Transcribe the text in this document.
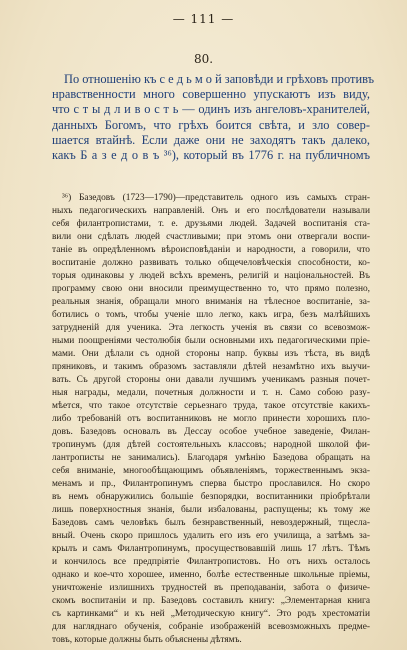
— 111 —
80.
По отношенію къ с е д ь м о й заповѣди и грѣховъ противъ
нравственности много совершенно упускаютъ изъ виду,
что с т ы д л и в о с т ь — одинъ изъ ангеловъ-хранителей,
данныхъ Богомъ, что грѣхъ боится свѣта, и зло совер-
шается втайнѣ. Если даже они не заходятъ такъ далеко,
какъ Б а з е д о в ъ ³⁶), который въ 1776 г. на публичномъ
³⁶) Базедовъ (1723—1790)—представитель одного изъ самыхъ стран-
ныхъ педагогическихъ направленій. Онъ и его послѣдователи называли
себя филантропистами, т. е. друзьями людей. Задачей воспитанія ста-
вили они сдѣлать людей счастливыми; при этомъ они отвергали воспи-
таніе въ опредѣленномъ вѣроисповѣданіи и народности, а говорили, что
воспитаніе должно развивать только общечеловѣческія способности, ко-
торыя одинаковы у людей всѣхъ временъ, религій и національностей. Въ
программу свою они вносили преимущественно то, что прямо полезно,
реальныя знанія, обращали много вниманія на тѣлесное воспитаніе, за-
ботились о томъ, чтобы ученіе шло легко, какъ игра, безъ малѣйшихъ
затрудненій для ученика. Эта легкость ученія въ связи со всевозмож-
ными поощреніями честолюбія были основными ихъ педагогическими пріе-
мами. Они дѣлали съ одной стороны напр. буквы изъ тѣста, въ видѣ
пряниковъ, и такимъ образомъ заставляли дѣтей незамѣтно ихъ выучи-
вать. Съ другой стороны они давали лучшимъ ученикамъ разныя почет-
ныя награды, медали, почетныя должности и т. н. Само собою разу-
мѣется, что такое отсутствіе серьезнаго труда, такое отсутствіе какихъ-
либо требованій отъ воспитанниковъ не могло принести хорошихъ пло-
довъ. Базедовъ основалъ въ Дессау особое учебное заведеніе, Филан-
тропинумъ (для дѣтей состоятельныхъ классовъ; народной школой фи-
лантрописты не занимались). Благодаря умѣнію Базедова обращать на
себя вниманіе, многообѣщающимъ объявленіямъ, торжественнымъ экза-
менамъ и пр., Филантропинумъ сперва быстро прославился. Но скоро
въ немъ обнаружились большіе безпорядки, воспитанники пріобрѣтали
лишь поверхностныя знанія, были избалованы, распущены; къ тому же
Базедовъ самъ человѣкъ былъ безнравственный, невоздержный, тщесла-
вный. Очень скоро пришлось удалить его изъ его училища, а затѣмъ за-
крылъ и самъ Филантропинумъ, просуществовавшій лишь 17 лѣтъ. Тѣмъ
и кончилось все предпріятіе Филантропистовъ. Но отъ нихъ осталось
однако и кое-что хорошее, именно, болѣе естественные школьные пріемы,
уничтоженіе излишнихъ трудностей въ преподаваніи, забота о физиче-
скомъ воспитаніи и пр. Базедовъ составилъ книгу: „Элементарная книга
съ картинками“ и къ ней „Методическую книгу“. Это родъ хрестоматіи
для нагляднаго обученія, собраніе изображеній всевозможныхъ предме-
товъ, которые должны быть объяснены дѣтямъ.
